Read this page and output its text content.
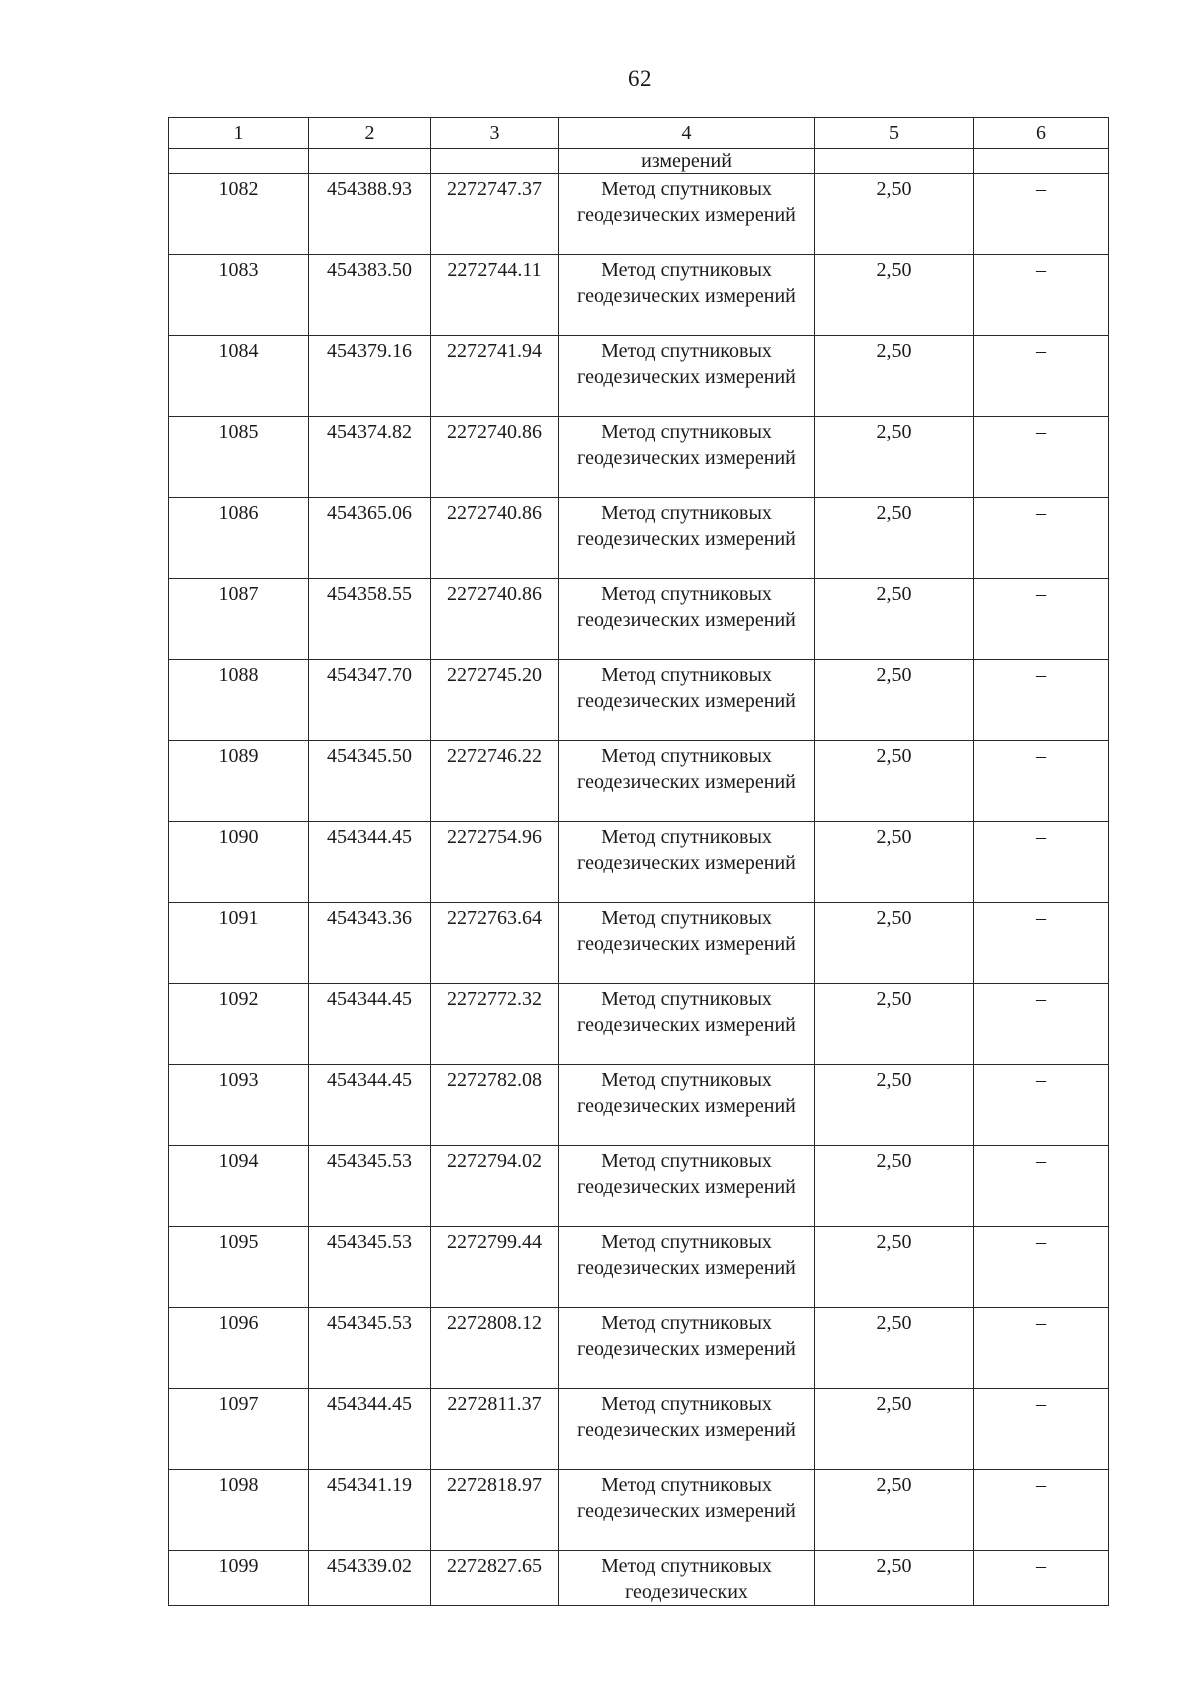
62
1	2	3	4	5	6
			измерений		
1082	454388.93	2272747.37	Метод спутниковых геодезических измерений	2,50	–
1083	454383.50	2272744.11	Метод спутниковых геодезических измерений	2,50	–
1084	454379.16	2272741.94	Метод спутниковых геодезических измерений	2,50	–
1085	454374.82	2272740.86	Метод спутниковых геодезических измерений	2,50	–
1086	454365.06	2272740.86	Метод спутниковых геодезических измерений	2,50	–
1087	454358.55	2272740.86	Метод спутниковых геодезических измерений	2,50	–
1088	454347.70	2272745.20	Метод спутниковых геодезических измерений	2,50	–
1089	454345.50	2272746.22	Метод спутниковых геодезических измерений	2,50	–
1090	454344.45	2272754.96	Метод спутниковых геодезических измерений	2,50	–
1091	454343.36	2272763.64	Метод спутниковых геодезических измерений	2,50	–
1092	454344.45	2272772.32	Метод спутниковых геодезических измерений	2,50	–
1093	454344.45	2272782.08	Метод спутниковых геодезических измерений	2,50	–
1094	454345.53	2272794.02	Метод спутниковых геодезических измерений	2,50	–
1095	454345.53	2272799.44	Метод спутниковых геодезических измерений	2,50	–
1096	454345.53	2272808.12	Метод спутниковых геодезических измерений	2,50	–
1097	454344.45	2272811.37	Метод спутниковых геодезических измерений	2,50	–
1098	454341.19	2272818.97	Метод спутниковых геодезических измерений	2,50	–
1099	454339.02	2272827.65	Метод спутниковых геодезических	2,50	–
